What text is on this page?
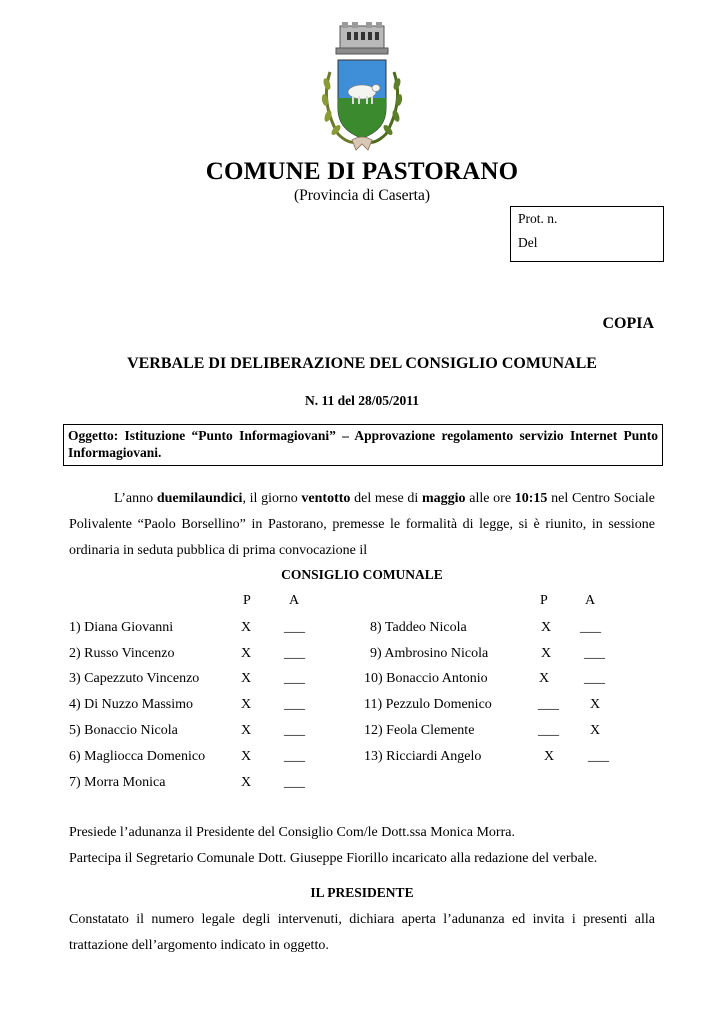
COMUNE DI PASTORANO
(Provincia di Caserta)
Prot. n.
Del
COPIA
VERBALE DI DELIBERAZIONE DEL CONSIGLIO COMUNALE
N. 11 del 28/05/2011
Oggetto: Istituzione “Punto Informagiovani” – Approvazione regolamento servizio Internet Punto Informagiovani.
L’anno duemilaundici, il giorno ventotto del mese di maggio alle ore 10:15 nel Centro Sociale Polivalente “Paolo Borsellino” in Pastorano, premesse le formalità di legge, si è riunito, in sessione ordinaria in seduta pubblica di prima convocazione il
CONSIGLIO COMUNALE
P	A	P	A
1) Diana Giovanni	X ___
2) Russo Vincenzo	X ___
3) Capezzuto Vincenzo	X ___
4) Di Nuzzo Massimo	X ___
5) Bonaccio Nicola	X ___
6) Magliocca Domenico	X ___
7) Morra Monica	X ___
8) Taddeo Nicola	X ___
9) Ambrosino Nicola	X ___
10) Bonaccio Antonio	X ___
11) Pezzulo Domenico	___ X
12) Feola Clemente	___ X
13) Ricciardi Angelo	X ___
Presiede l’adunanza il Presidente del Consiglio Com/le Dott.ssa Monica Morra.
Partecipa il Segretario Comunale Dott. Giuseppe Fiorillo incaricato alla redazione del verbale.
IL PRESIDENTE
Constatato il numero legale degli intervenuti, dichiara aperta l’adunanza ed invita i presenti alla trattazione dell’argomento indicato in oggetto.
